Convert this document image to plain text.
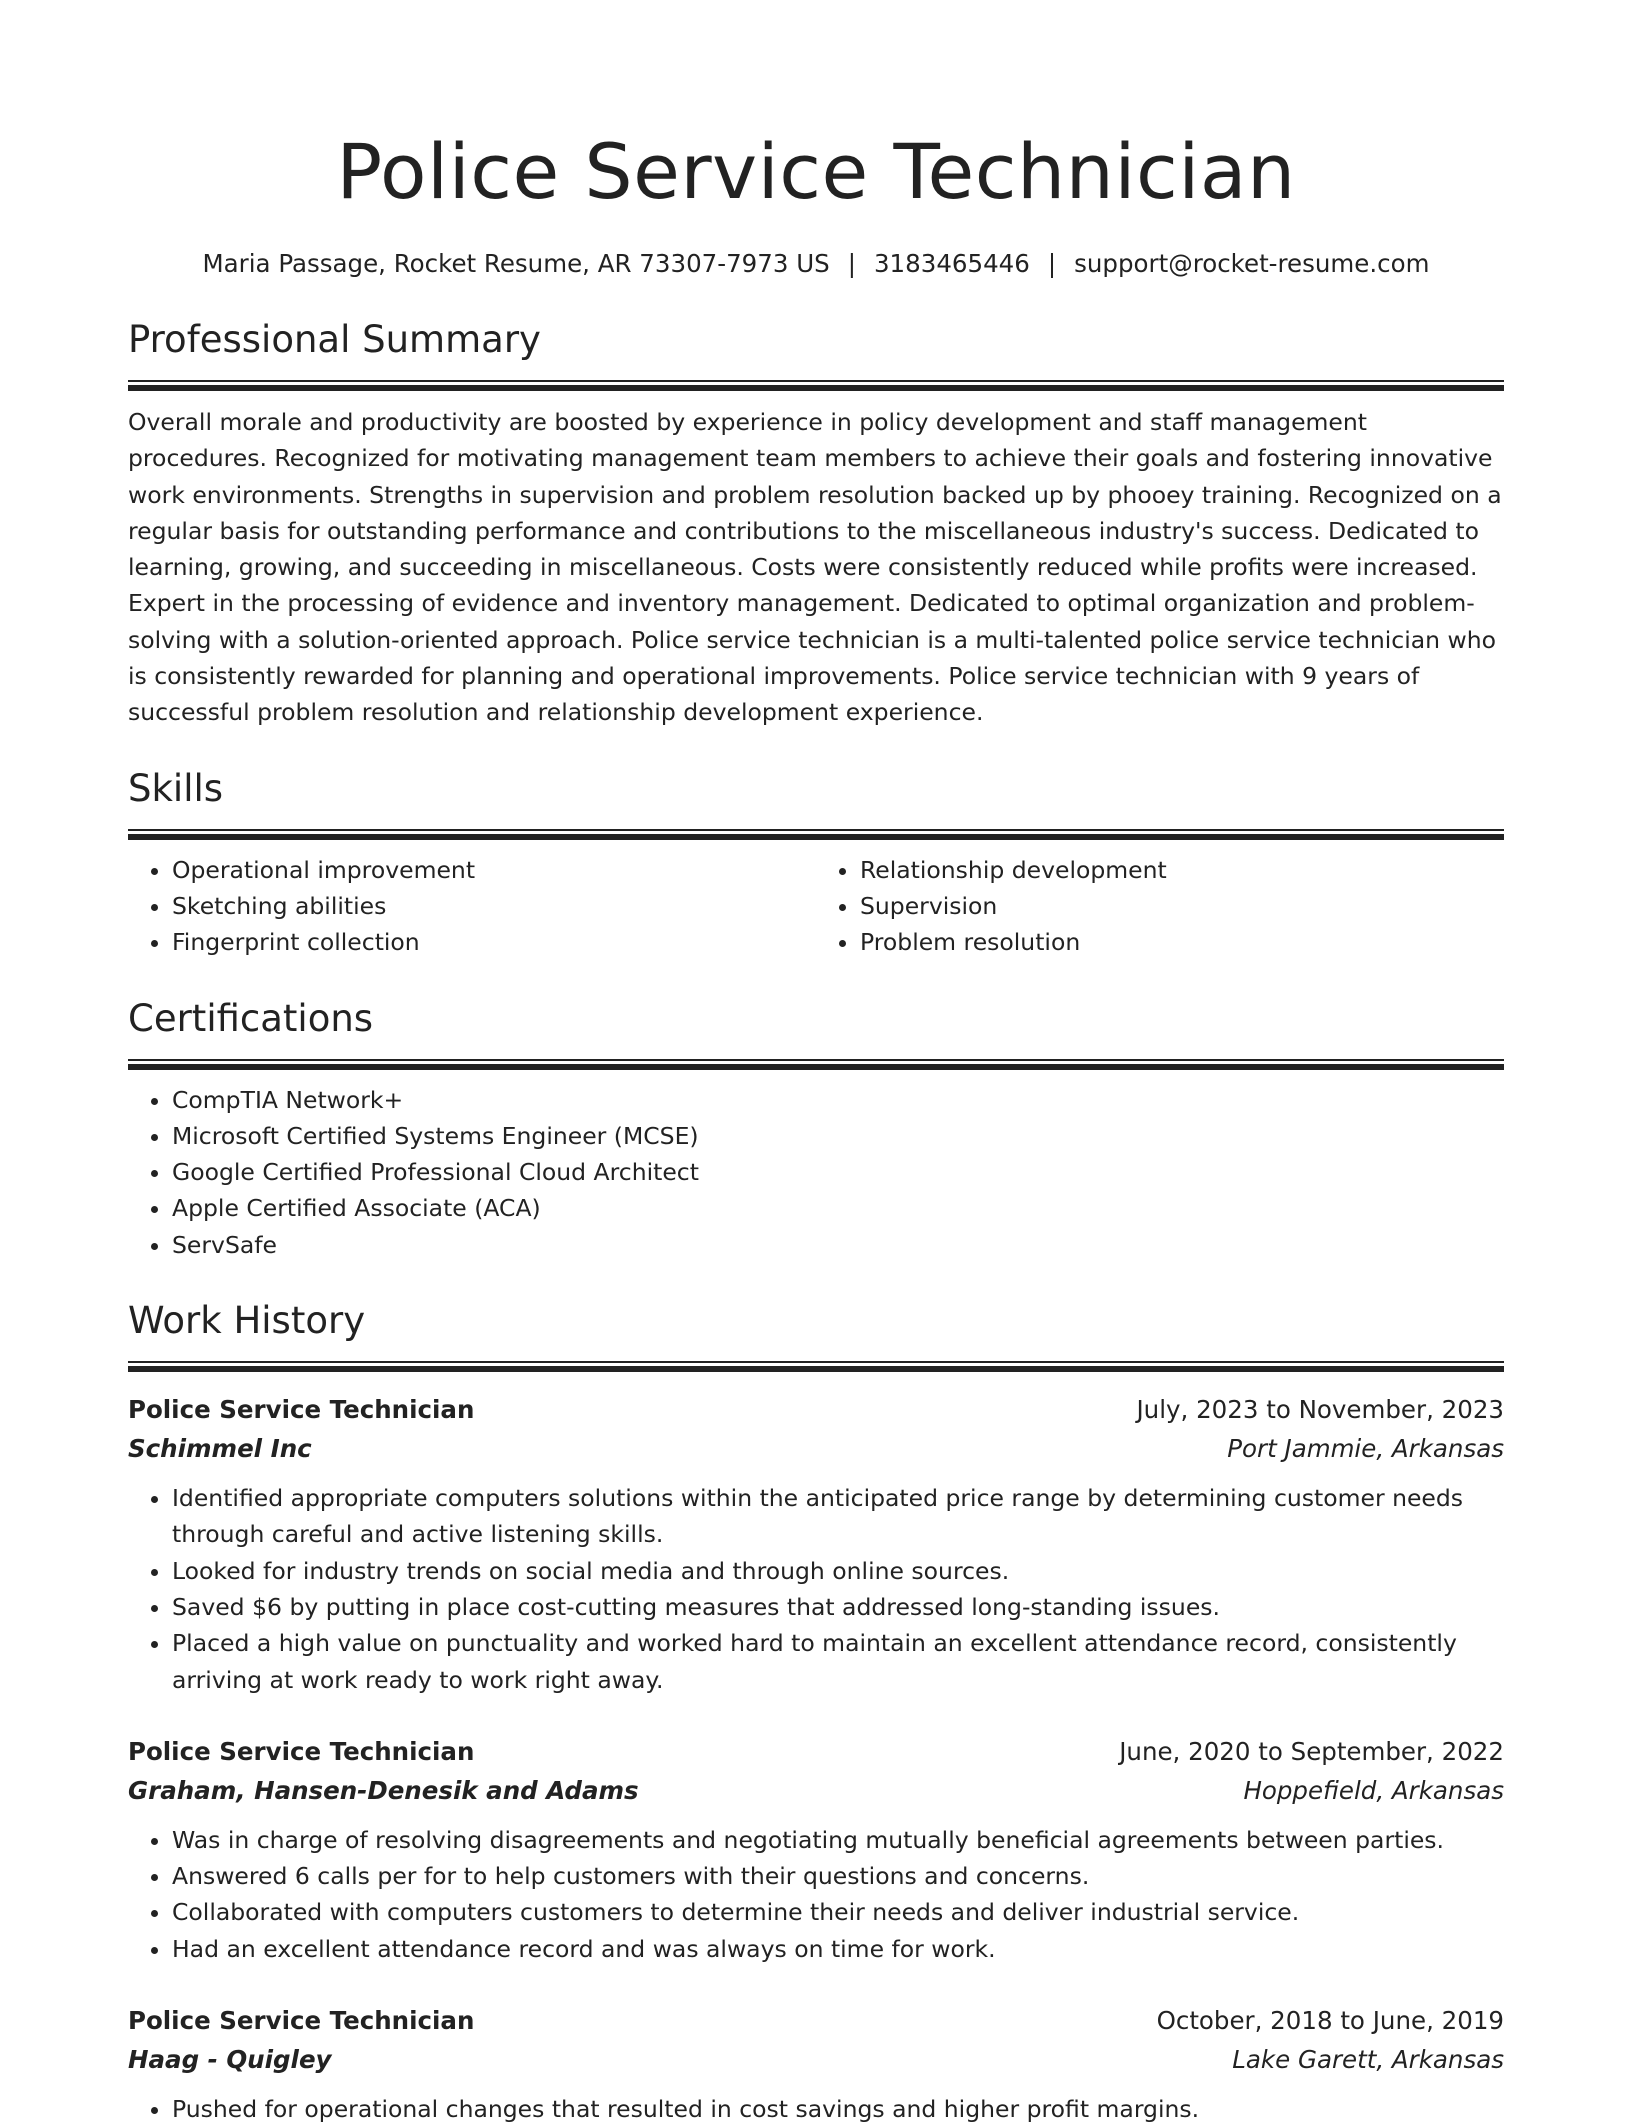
Police Service Technician
Maria Passage, Rocket Resume, AR 73307-7973 US | 3183465446 | support@rocket-resume.com
Professional Summary
Overall morale and productivity are boosted by experience in policy development and staff management procedures. Recognized for motivating management team members to achieve their goals and fostering innovative work environments. Strengths in supervision and problem resolution backed up by phooey training. Recognized on a regular basis for outstanding performance and contributions to the miscellaneous industry's success. Dedicated to learning, growing, and succeeding in miscellaneous. Costs were consistently reduced while profits were increased. Expert in the processing of evidence and inventory management. Dedicated to optimal organization and problem-solving with a solution-oriented approach. Police service technician is a multi-talented police service technician who is consistently rewarded for planning and operational improvements. Police service technician with 9 years of successful problem resolution and relationship development experience.
Skills
• Operational improvement
• Sketching abilities
• Fingerprint collection
• Relationship development
• Supervision
• Problem resolution
Certifications
• CompTIA Network+
• Microsoft Certified Systems Engineer (MCSE)
• Google Certified Professional Cloud Architect
• Apple Certified Associate (ACA)
• ServSafe
Work History
Police Service Technician	July, 2023 to November, 2023
Schimmel Inc	Port Jammie, Arkansas
• Identified appropriate computers solutions within the anticipated price range by determining customer needs through careful and active listening skills.
• Looked for industry trends on social media and through online sources.
• Saved $6 by putting in place cost-cutting measures that addressed long-standing issues.
• Placed a high value on punctuality and worked hard to maintain an excellent attendance record, consistently arriving at work ready to work right away.
Police Service Technician	June, 2020 to September, 2022
Graham, Hansen-Denesik and Adams	Hoppefield, Arkansas
• Was in charge of resolving disagreements and negotiating mutually beneficial agreements between parties.
• Answered 6 calls per for to help customers with their questions and concerns.
• Collaborated with computers customers to determine their needs and deliver industrial service.
• Had an excellent attendance record and was always on time for work.
Police Service Technician	October, 2018 to June, 2019
Haag - Quigley	Lake Garett, Arkansas
• Pushed for operational changes that resulted in cost savings and higher profit margins.
